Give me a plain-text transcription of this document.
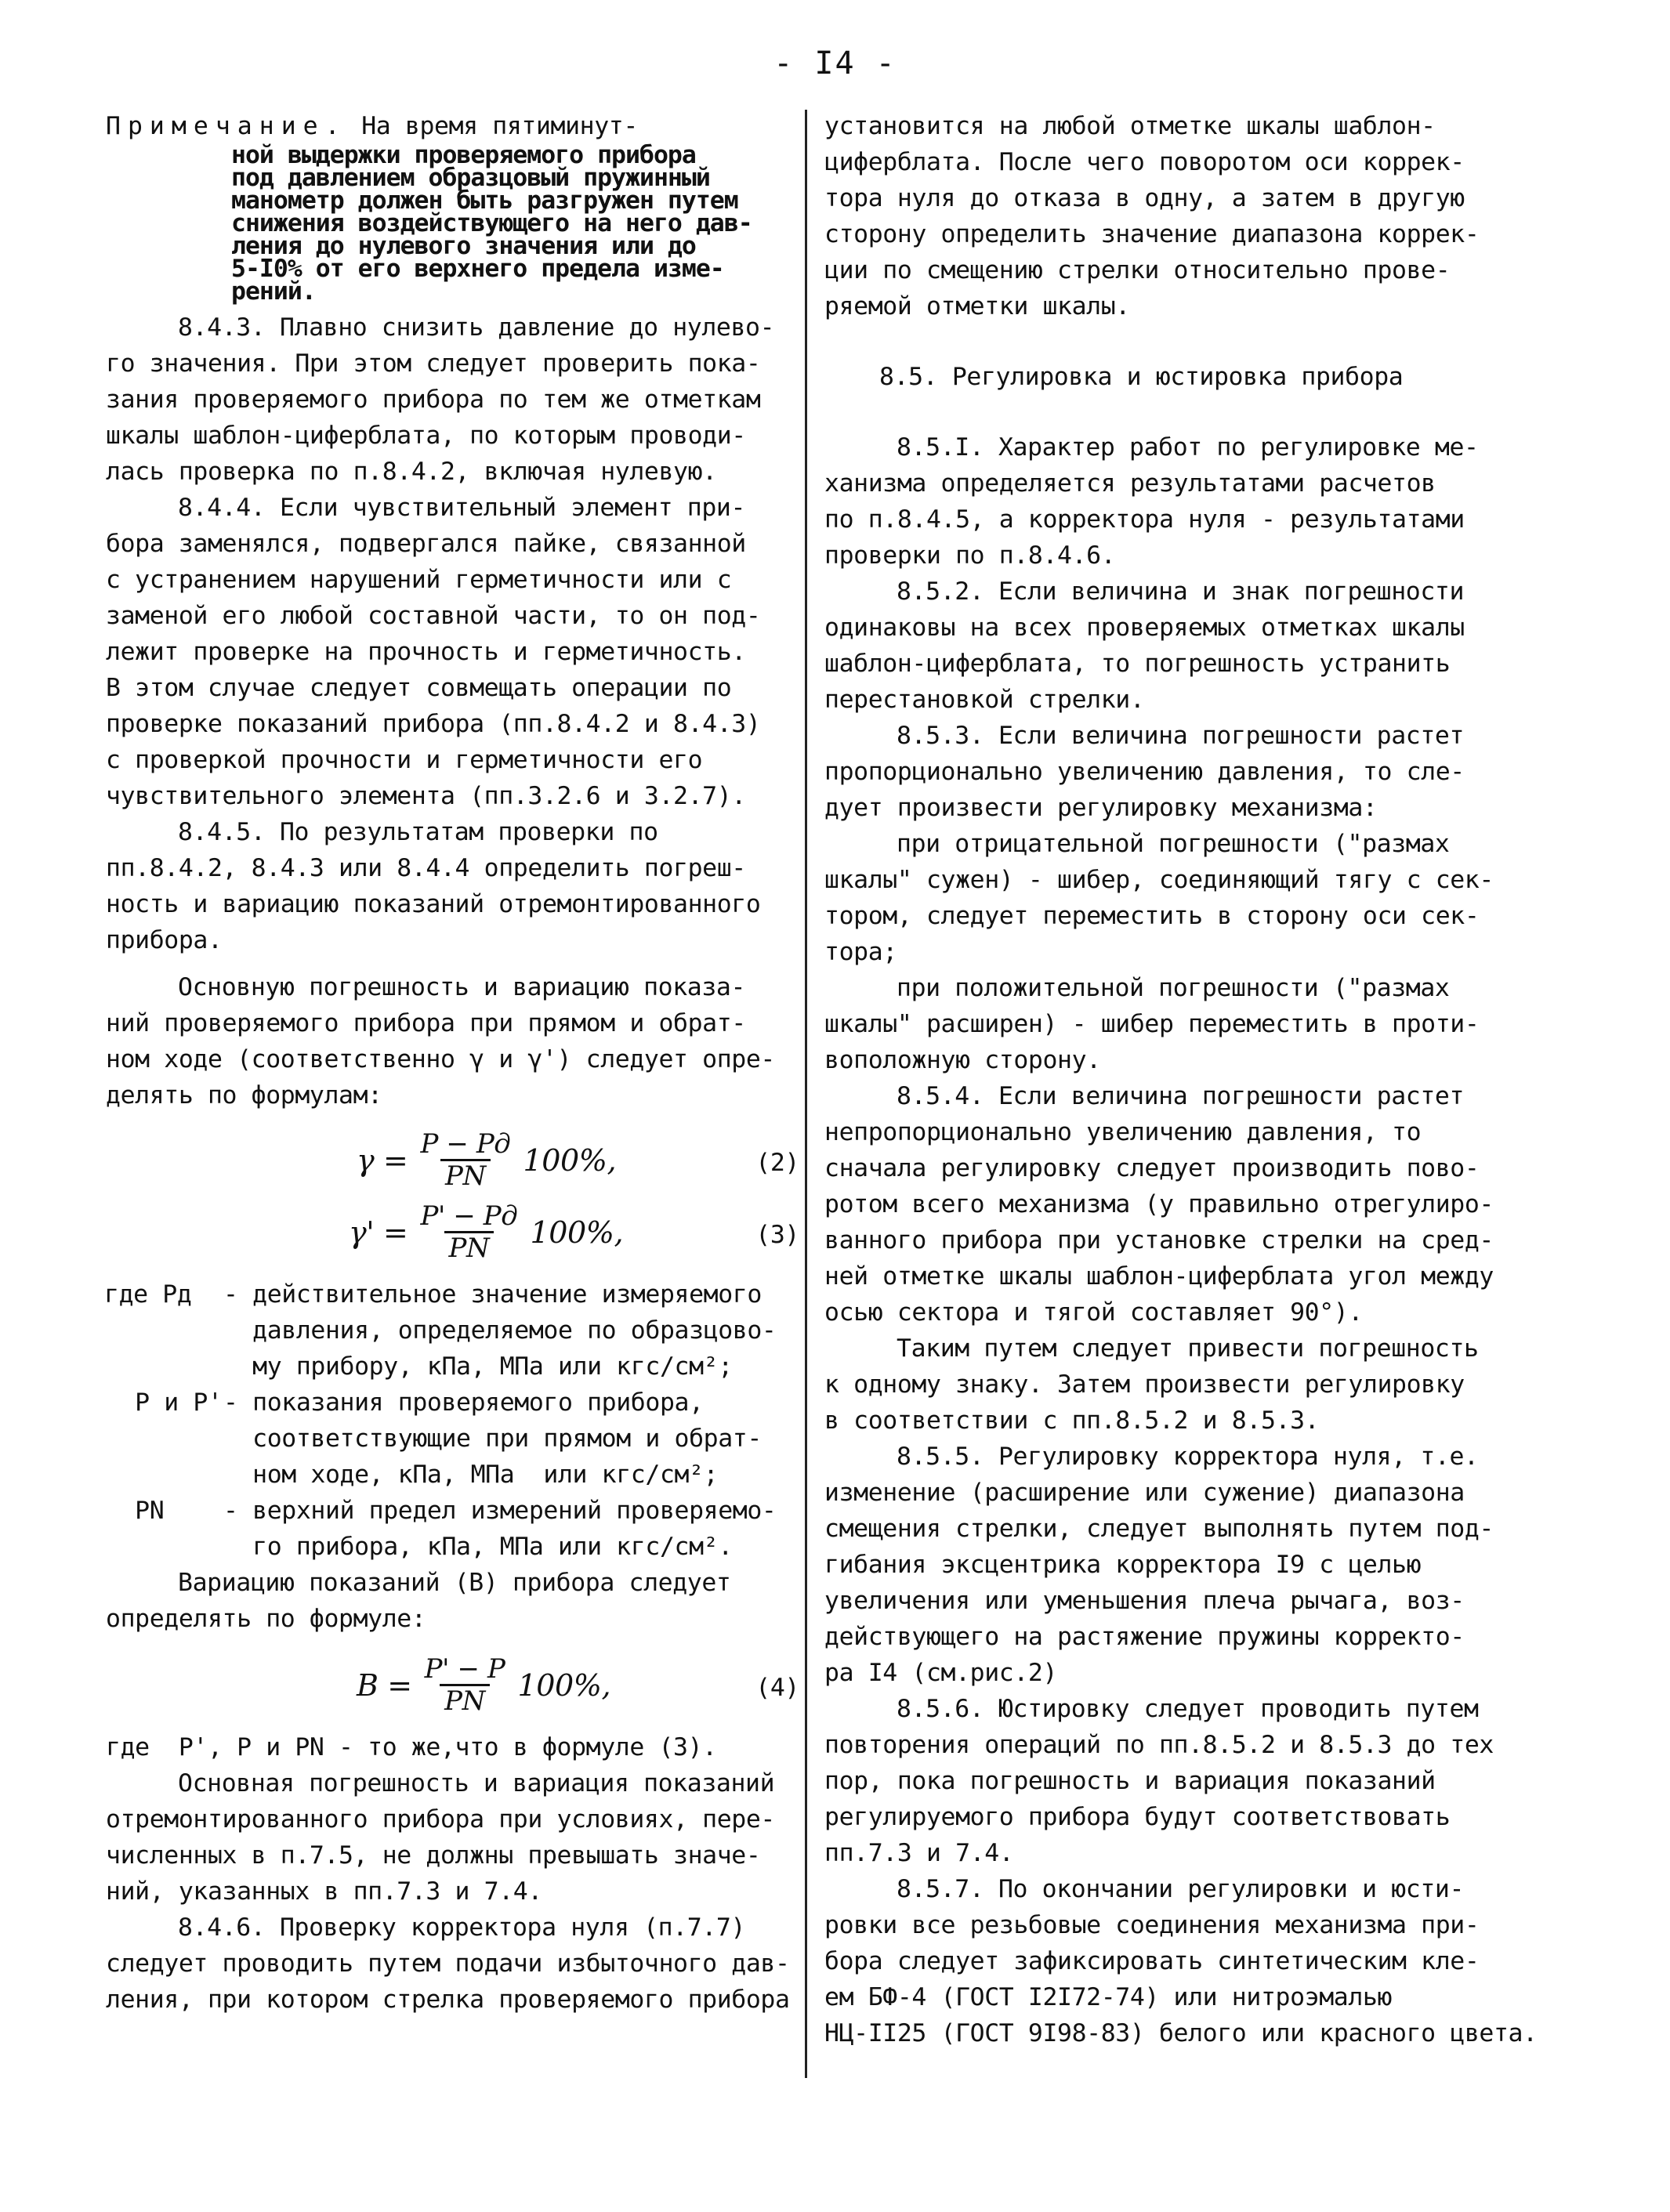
- I4 -
Примечание. На время пятиминут-
ной выдержки проверяемого прибора
под давлением образцовый пружинный
манометр должен быть разгружен путем
снижения воздействующего на него дав-
ления до нулевого значения или до
5-I0% от его верхнего предела изме-
рений.
8.4.3. Плавно снизить давление до нулево-
го значения. При этом следует проверить пока-
зания проверяемого прибора по тем же отметкам
шкалы шаблон-циферблата, по которым проводи-
лась проверка по п.8.4.2, включая нулевую.
8.4.4. Если чувствительный элемент при-
бора заменялся, подвергался пайке, связанной
с устранением нарушений герметичности или с
заменой его любой составной части, то он под-
лежит проверке на прочность и герметичность.
В этом случае следует совмещать операции по
проверке показаний прибора (пп.8.4.2 и 8.4.3)
с проверкой прочности и герметичности его
чувствительного элемента (пп.3.2.6 и 3.2.7).
8.4.5. По результатам проверки по
пп.8.4.2, 8.4.3 или 8.4.4 определить погреш-
ность и вариацию показаний отремонтированного
прибора.
Основную погрешность и вариацию показа-
ний проверяемого прибора при прямом и обрат-
ном ходе (соответственно γ и γ') следует опре-
делять по формулам:
$\gamma = \frac{P - Pд}{PN} 100\%$,	(2)
$\gamma' = \frac{P' - Pд}{PN} 100\%$,	(3)
где Pд - действительное значение измеряемого
давления, определяемое по образцово-
му прибору, кПа, МПа или кгс/см²;
P и P' - показания проверяемого прибора,
соответствующие при прямом и обрат-
ном ходе, кПа, МПа  или кгс/см²;
PN - верхний предел измерений проверяемо-
го прибора, кПа, МПа или кгс/см².
Вариацию показаний (B) прибора следует
определять по формуле:
$B = \frac{P' - P}{PN} 100\%$,	(4)
где  P', P и PN - то же,что в формуле (3).
Основная погрешность и вариация показаний
отремонтированного прибора при условиях, пере-
численных в п.7.5, не должны превышать значе-
ний, указанных в пп.7.3 и 7.4.
8.4.6. Проверку корректора нуля (п.7.7)
следует проводить путем подачи избыточного дав-
ления, при котором стрелка проверяемого прибора
установится на любой отметке шкалы шаблон-
циферблата. После чего поворотом оси коррек-
тора нуля до отказа в одну, а затем в другую
сторону определить значение диапазона коррек-
ции по смещению стрелки относительно прове-
ряемой отметки шкалы.
8.5. Регулировка и юстировка прибора
8.5.I. Характер работ по регулировке ме-
ханизма определяется результатами расчетов
по п.8.4.5, а корректора нуля - результатами
проверки по п.8.4.6.
8.5.2. Если величина и знак погрешности
одинаковы на всех проверяемых отметках шкалы
шаблон-циферблата, то погрешность устранить
перестановкой стрелки.
8.5.3. Если величина погрешности растет
пропорционально увеличению давления, то сле-
дует произвести регулировку механизма:
при отрицательной погрешности ("размах
шкалы" сужен) - шибер, соединяющий тягу с сек-
тором, следует переместить в сторону оси сек-
тора;
при положительной погрешности ("размах
шкалы" расширен) - шибер переместить в проти-
воположную сторону.
8.5.4. Если величина погрешности растет
непропорционально увеличению давления, то
сначала регулировку следует производить пово-
ротом всего механизма (у правильно отрегулиро-
ванного прибора при установке стрелки на сред-
ней отметке шкалы шаблон-циферблата угол между
осью сектора и тягой составляет 90°).
Таким путем следует привести погрешность
к одному знаку. Затем произвести регулировку
в соответствии с пп.8.5.2 и 8.5.3.
8.5.5. Регулировку корректора нуля, т.е.
изменение (расширение или сужение) диапазона
смещения стрелки, следует выполнять путем под-
гибания эксцентрика корректора I9 с целью
увеличения или уменьшения плеча рычага, воз-
действующего на растяжение пружины корректо-
ра I4 (см.рис.2)
8.5.6. Юстировку следует проводить путем
повторения операций по пп.8.5.2 и 8.5.3 до тех
пор, пока погрешность и вариация показаний
регулируемого прибора будут соответствовать
пп.7.3 и 7.4.
8.5.7. По окончании регулировки и юсти-
ровки все резьбовые соединения механизма при-
бора следует зафиксировать синтетическим кле-
ем БФ-4 (ГОСТ I2I72-74) или нитроэмалью
НЦ-II25 (ГОСТ 9I98-83) белого или красного цвета.
